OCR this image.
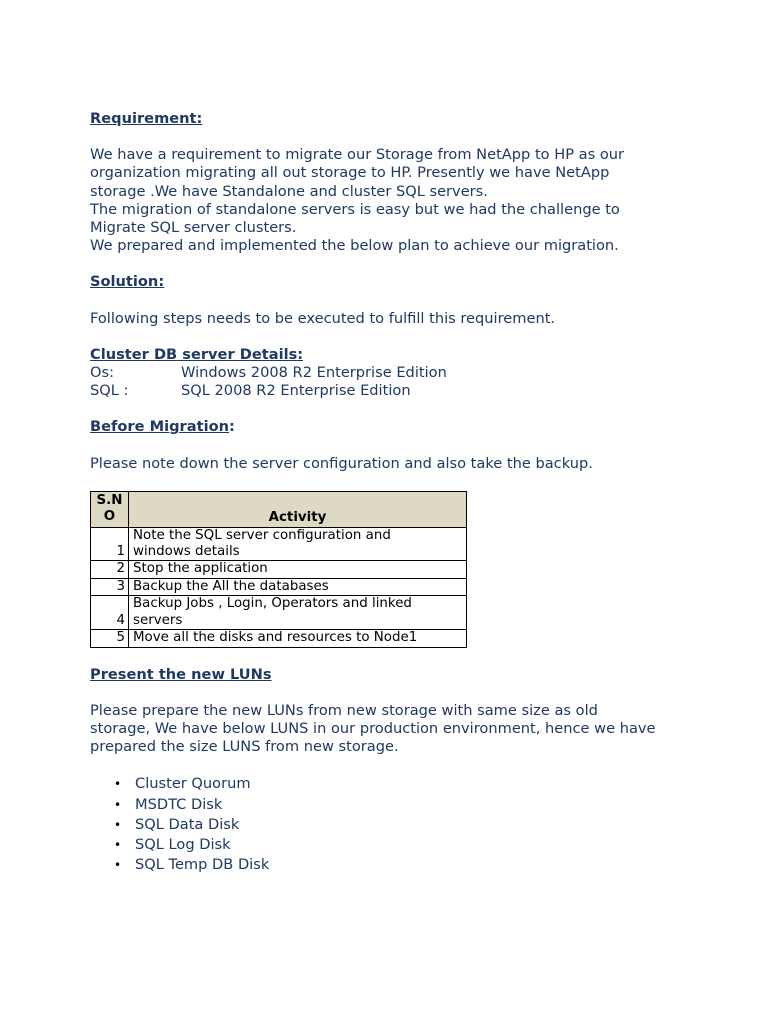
Requirement:

We have a requirement to migrate our Storage from NetApp to HP as our

organization migrating all out storage to HP. Presently we have NetApp

storage .We have Standalone and cluster SQL servers.

The migration of standalone servers is easy but we had the challenge to

Migrate SQL server clusters.

We prepared and implemented the below plan to achieve our migration.

Solution:

Following steps needs to be executed to fulfill this requirement.

Cluster DB server Details:

Os:	Windows 2008 R2 Enterprise Edition
SQL :	SQL 2008 R2 Enterprise Edition

Before Migration:

Please note down the server configuration and also take the backup.

S.N
O	Activity
1	Note the SQL server configuration and
windows details

2	Stop the application
3	Backup the All the databases
4	Backup Jobs , Login, Operators and linked
servers

5	Move all the disks and resources to Node1

Present the new LUNs

Please prepare the new LUNs from new storage with same size as old

storage, We have below LUNS in our production environment, hence we have

prepared the size LUNS from new storage.

• Cluster Quorum
• MSDTC Disk
• SQL Data Disk
• SQL Log Disk
• SQL Temp DB Disk
